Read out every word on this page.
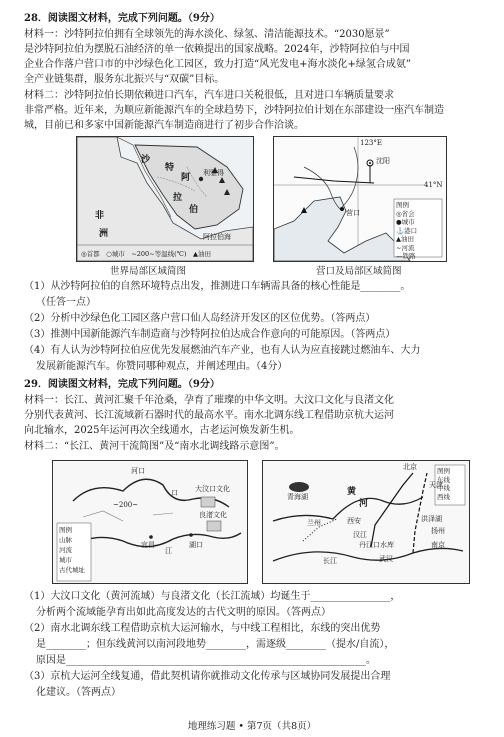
28．阅读图文材料，完成下列问题。（9分）

材料一：沙特阿拉伯拥有全球领先的海水淡化、绿氢、清洁能源技术。“2030愿景”

是沙特阿拉伯为摆脱石油经济的单一依赖提出的国家战略。2024年，沙特阿拉伯与中国

企业合作落户营口市的中沙绿色化工园区，致力打造“风光发电+海水淡化+绿氢合成氨”

全产业链集群，服务东北振兴与“双碳”目标。

材料二：沙特阿拉伯长期依赖进口汽车，汽车进口关税很低，且对进口车辆质量要求

非常严格。近年来，为顺应新能源汽车的全球趋势下，沙特阿拉伯计划在东部建设一座汽车制造

城，目前已和多家中国新能源汽车制造商进行了初步合作洽谈。

沙
特
阿
拉
伯
非
洲	阿拉伯海
利雅得
◎首都　○城市　~200~等温线(℃)　▲油田
世界局部区域简图
123°E
41°N
沈阳
营口
图例
◎省会
●城市
⚓港口
▲油田
~河流
—铁路
营口及局部区域简图

（1）从沙特阿拉伯的自然环境特点出发，推测进口车辆需具备的核心性能是________。

（任答一点）

（2）分析中沙绿色化工园区落户营口仙人岛经济开发区的区位优势。（答两点）

（3）推测中国新能源汽车制造商与沙特阿拉伯达成合作意向的可能原因。（答两点）

（4）有人认为沙特阿拉伯应优先发展燃油汽车产业，也有人认为应直接跳过燃油车、大力

发展新能源汽车。你赞同哪种观点，并阐述理由。（4分）

29．阅读图文材料，完成下列问题。（9分）

材料一：长江、黄河汇聚千年沧桑，孕育了璀璨的中华文明。大汶口文化与良渚文化

分别代表黄河、长江流域新石器时代的最高水平。南水北调东线工程借助京杭大运河

向北输水，2025年运河再次全线通水，古老运河焕发新生机。

材料二：“长江、黄河干流简图”及“南水北调线路示意图”。

河口
口 大汶口文化
良渚文化
宜昌
江
湖口
~200~
图例
山脉
河流
城市
古代城址
北京
天津
青海湖	黄
河
兰州
汉江
西安
长江	武汉
南京
扬州
丹江口水库
洪泽湖
图例
东线
中线
西线

（1）大汶口文化（黄河流域）与良渚文化（长江流域）均诞生于________________，

分析两个流域能孕育出如此高度发达的古代文明的原因。（答两点）

（2）南水北调东线工程借助京杭大运河输水，与中线工程相比，东线的突出优势

是________；但东线黄河以南河段地势________，需逐级________（提水/自流），

原因是____________________________________________________________。

（3）京杭大运河全线复通，借此契机请你就推动文化传承与区域协同发展提出合理

化建议。（答两点）

地理练习题 • 第7页（共8页）
